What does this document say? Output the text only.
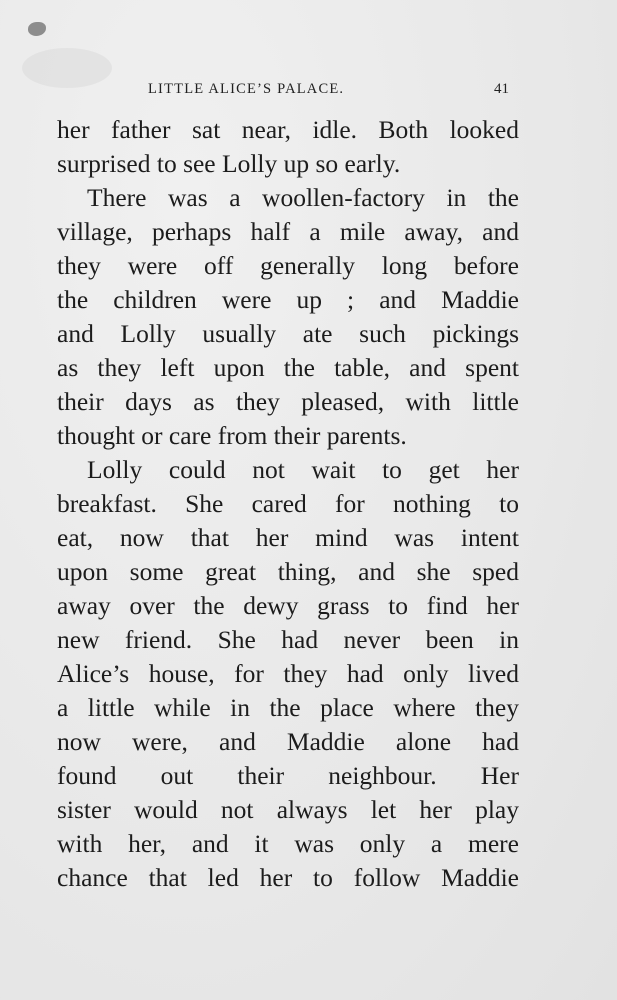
LITTLE ALICE’S PALACE.	41
her father sat near, idle. Both looked
surprised to see Lolly up so early.
There was a woollen-factory in the
village, perhaps half a mile away, and
they were off generally long before
the children were up ; and Maddie
and Lolly usually ate such pickings
as they left upon the table, and spent
their days as they pleased, with little
thought or care from their parents.
Lolly could not wait to get her
breakfast. She cared for nothing to
eat, now that her mind was intent
upon some great thing, and she sped
away over the dewy grass to find her
new friend. She had never been in
Alice’s house, for they had only lived
a little while in the place where they
now were, and Maddie alone had
found out their neighbour. Her
sister would not always let her play
with her, and it was only a mere
chance that led her to follow Maddie
